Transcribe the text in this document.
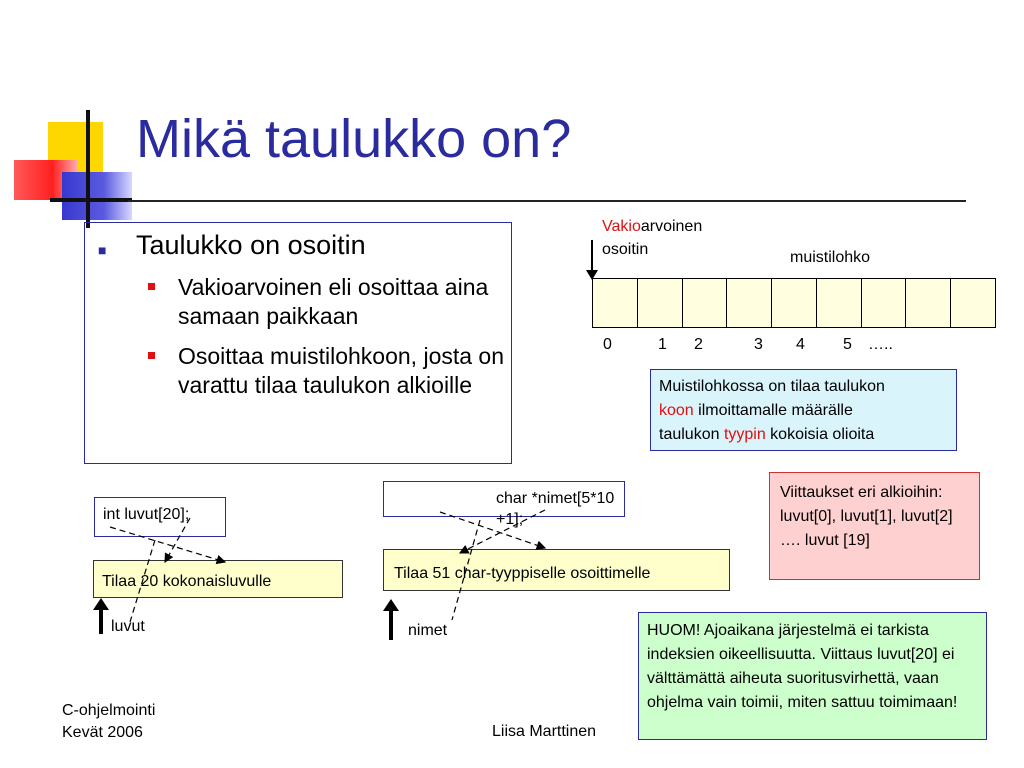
Mikä taulukko on?
■ Taulukko on osoitin
Vakioarvoinen eli osoittaa aina samaan paikkaan
Osoittaa muistilohkoon, josta on varattu tilaa taulukon alkioille
Vakioarvoinen
osoitin	muistilohko
0	1 2	3 4 5 …..
Muistilohkossa on tilaa taulukon
koon ilmoittamalle määrälle
taulukon tyypin kokoisia olioita
Viittaukset eri alkioihin: luvut[0], luvut[1], luvut[2] …. luvut [19]
HUOM! Ajoaikana järjestelmä ei tarkista indeksien oikeellisuutta. Viittaus luvut[20] ei välttämättä aiheuta suoritusvirhettä, vaan ohjelma vain toimii, miten sattuu toimimaan!
int luvut[20];
Tilaa 20 kokonaisluvulle
luvut
char *nimet[5*10 +1];
Tilaa 51 char-tyyppiselle osoittimelle
nimet
C-ohjelmointi
Kevät 2006	Liisa Marttinen
